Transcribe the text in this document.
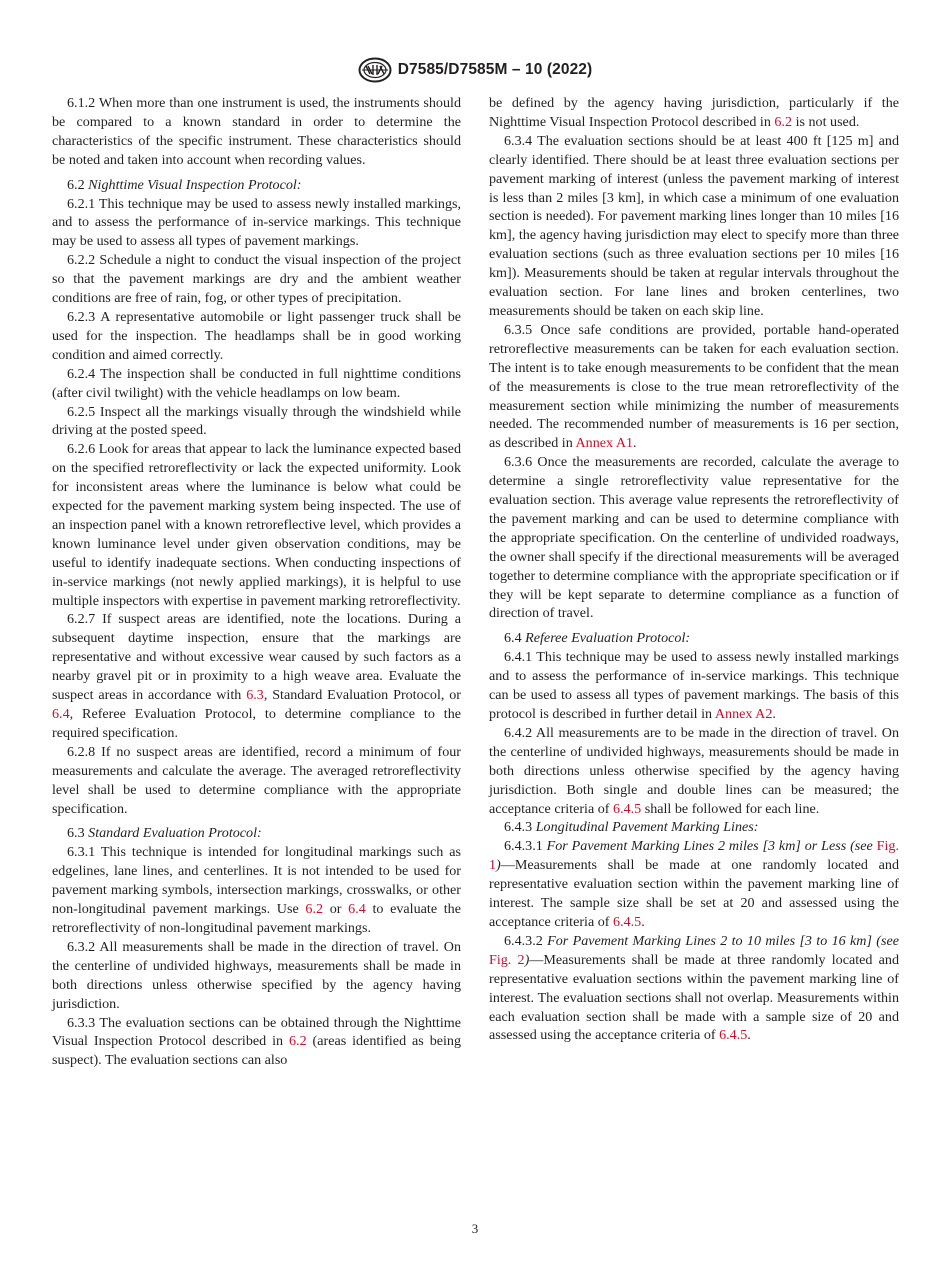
D7585/D7585M – 10 (2022)

6.1.2 When more than one instrument is used, the instruments should be compared to a known standard in order to determine the characteristics of the specific instrument. These characteristics should be noted and taken into account when recording values.

6.2 Nighttime Visual Inspection Protocol:

6.2.1 This technique may be used to assess newly installed markings, and to assess the performance of in-service markings. This technique may be used to assess all types of pavement markings.

6.2.2 Schedule a night to conduct the visual inspection of the project so that the pavement markings are dry and the ambient weather conditions are free of rain, fog, or other types of precipitation.

6.2.3 A representative automobile or light passenger truck shall be used for the inspection. The headlamps shall be in good working condition and aimed correctly.

6.2.4 The inspection shall be conducted in full nighttime conditions (after civil twilight) with the vehicle headlamps on low beam.

6.2.5 Inspect all the markings visually through the windshield while driving at the posted speed.

6.2.6 Look for areas that appear to lack the luminance expected based on the specified retroreflectivity or lack the expected uniformity. Look for inconsistent areas where the luminance is below what could be expected for the pavement marking system being inspected. The use of an inspection panel with a known retroreflective level, which provides a known luminance level under given observation conditions, may be useful to identify inadequate sections. When conducting inspections of in-service markings (not newly applied markings), it is helpful to use multiple inspectors with expertise in pavement marking retroreflectivity.

6.2.7 If suspect areas are identified, note the locations. During a subsequent daytime inspection, ensure that the markings are representative and without excessive wear caused by such factors as a nearby gravel pit or in proximity to a high weave area. Evaluate the suspect areas in accordance with 6.3, Standard Evaluation Protocol, or 6.4, Referee Evaluation Protocol, to determine compliance to the required specification.

6.2.8 If no suspect areas are identified, record a minimum of four measurements and calculate the average. The averaged retroreflectivity level shall be used to determine compliance with the appropriate specification.

6.3 Standard Evaluation Protocol:

6.3.1 This technique is intended for longitudinal markings such as edgelines, lane lines, and centerlines. It is not intended to be used for pavement marking symbols, intersection markings, crosswalks, or other non-longitudinal pavement markings. Use 6.2 or 6.4 to evaluate the retroreflectivity of non-longitudinal pavement markings.

6.3.2 All measurements shall be made in the direction of travel. On the centerline of undivided highways, measurements shall be made in both directions unless otherwise specified by the agency having jurisdiction.

6.3.3 The evaluation sections can be obtained through the Nighttime Visual Inspection Protocol described in 6.2 (areas identified as being suspect). The evaluation sections can also

be defined by the agency having jurisdiction, particularly if the Nighttime Visual Inspection Protocol described in 6.2 is not used.

6.3.4 The evaluation sections should be at least 400 ft [125 m] and clearly identified. There should be at least three evaluation sections per pavement marking of interest (unless the pavement marking of interest is less than 2 miles [3 km], in which case a minimum of one evaluation section is needed). For pavement marking lines longer than 10 miles [16 km], the agency having jurisdiction may elect to specify more than three evaluation sections (such as three evaluation sections per 10 miles [16 km]). Measurements should be taken at regular intervals throughout the evaluation section. For lane lines and broken centerlines, two measurements should be taken on each skip line.

6.3.5 Once safe conditions are provided, portable hand-operated retroreflective measurements can be taken for each evaluation section. The intent is to take enough measurements to be confident that the mean of the measurements is close to the true mean retroreflectivity of the measurement section while minimizing the number of measurements needed. The recommended number of measurements is 16 per section, as described in Annex A1.

6.3.6 Once the measurements are recorded, calculate the average to determine a single retroreflectivity value representative for the evaluation section. This average value represents the retroreflectivity of the pavement marking and can be used to determine compliance with the appropriate specification. On the centerline of undivided roadways, the owner shall specify if the directional measurements will be averaged together to determine compliance with the appropriate specification or if they will be kept separate to determine compliance as a function of direction of travel.

6.4 Referee Evaluation Protocol:

6.4.1 This technique may be used to assess newly installed markings and to assess the performance of in-service markings. This technique can be used to assess all types of pavement markings. The basis of this protocol is described in further detail in Annex A2.

6.4.2 All measurements are to be made in the direction of travel. On the centerline of undivided highways, measurements should be made in both directions unless otherwise specified by the agency having jurisdiction. Both single and double lines can be measured; the acceptance criteria of 6.4.5 shall be followed for each line.

6.4.3 Longitudinal Pavement Marking Lines:

6.4.3.1 For Pavement Marking Lines 2 miles [3 km] or Less (see Fig. 1)—Measurements shall be made at one randomly located and representative evaluation section within the pavement marking line of interest. The sample size shall be set at 20 and assessed using the acceptance criteria of 6.4.5.

6.4.3.2 For Pavement Marking Lines 2 to 10 miles [3 to 16 km] (see Fig. 2)—Measurements shall be made at three randomly located and representative evaluation sections within the pavement marking line of interest. The evaluation sections shall not overlap. Measurements within each evaluation section shall be made with a sample size of 20 and assessed using the acceptance criteria of 6.4.5.

3
